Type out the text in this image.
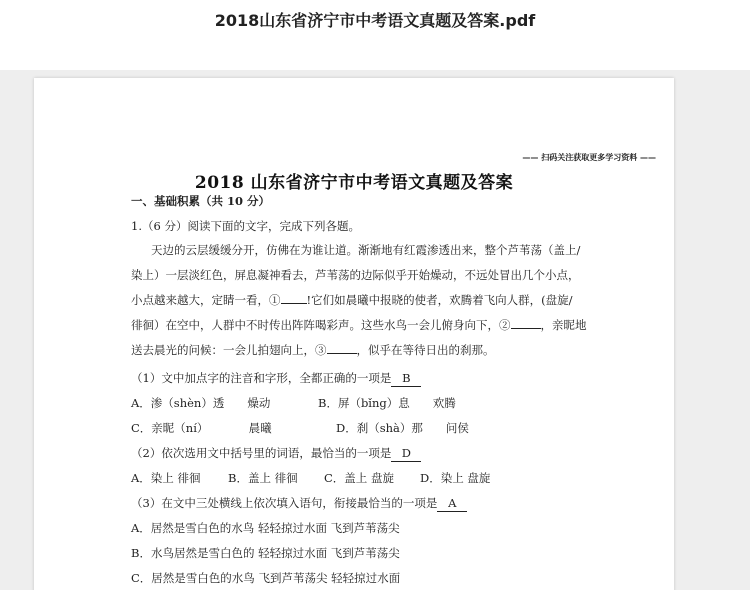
2018山东省济宁市中考语文真题及答案.pdf
—— 扫码关注获取更多学习资料 ——
2018 山东省济宁市中考语文真题及答案
一、基础积累（共 10 分）
1.（6 分）阅读下面的文字，完成下列各题。
天边的云层缓缓分开，仿佛在为谁让道。渐渐地有红霞渗透出来，整个芦苇荡（盖上/
染上）一层淡红色，屏息凝神看去，芦苇荡的边际似乎开始燥动，不远处冒出几个小点，
小点越来越大，定睛一看，① !它们如晨曦中报晓的使者，欢腾着飞向人群，(盘旋/
徘徊）在空中，人群中不时传出阵阵喝彩声。这些水鸟一会儿俯身向下，②	，亲昵地
送去晨光的问候：一会儿拍翅向上，③	，似乎在等待日出的刹那。
（1）文中加点字的注音和字形，全都正确的一项是 B
A．渗（shèn）透　　燥动	B．屏（bǐng）息　　欢腾
C．亲昵（ní）　　　　晨曦	D．刹（shà）那　　问侯
（2）依次选用文中括号里的词语，最恰当的一项是 D
A．染上 徘徊 B．盖上 徘徊 C．盖上 盘旋 D．染上 盘旋
（3）在文中三处横线上依次填入语句，衔接最恰当的一项是 A
A．居然是雪白色的水鸟 轻轻掠过水面 飞到芦苇荡尖
B．水鸟居然是雪白色的 轻轻掠过水面 飞到芦苇荡尖
C．居然是雪白色的水鸟 飞到芦苇荡尖 轻轻掠过水面
